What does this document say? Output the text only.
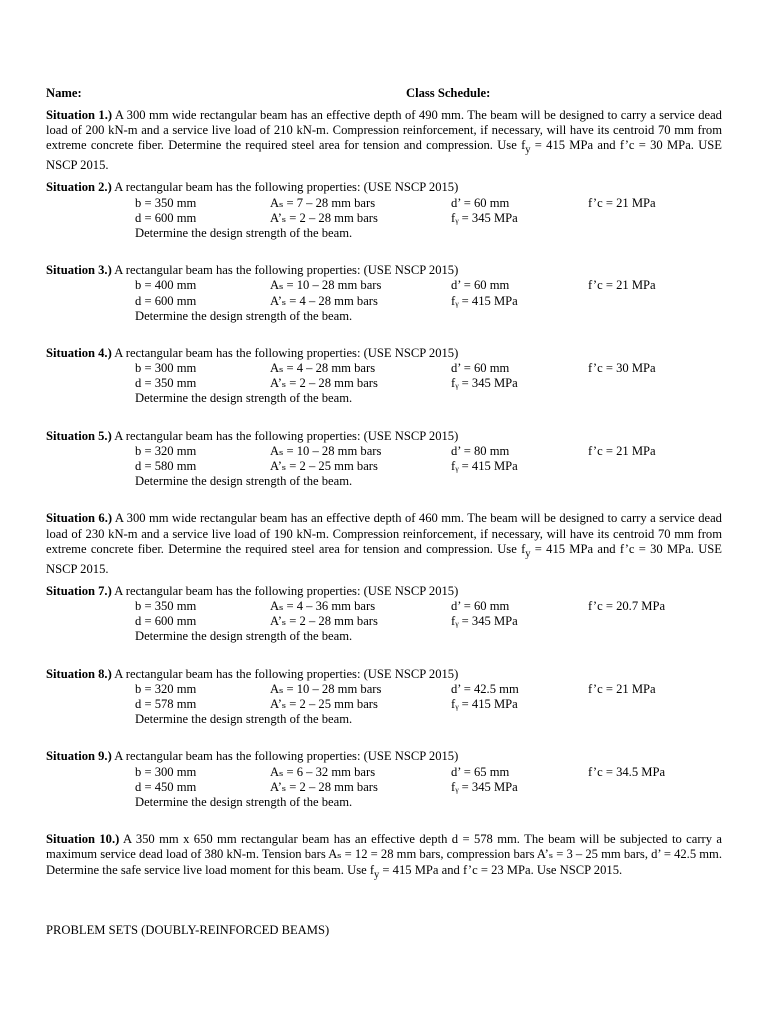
Name:	Class Schedule:

Situation 1.) A 300 mm wide rectangular beam has an effective depth of 490 mm. The beam will be designed to carry a service dead load of 200 kN-m and a service live load of 210 kN-m. Compression reinforcement, if necessary, will have its centroid 70 mm from extreme concrete fiber. Determine the required steel area for tension and compression. Use $f_y = 415$ MPa and f’c = 30 MPa. USE NSCP 2015.

Situation 2.) A rectangular beam has the following properties: (USE NSCP 2015)
b = 350 mm	Aₛ = 7 – 28 mm bars	d’ = 60 mm	f’c = 21 MPa
d = 600 mm	A’ₛ = 2 – 28 mm bars	fᵧ = 345 MPa
Determine the design strength of the beam.
Situation 3.) A rectangular beam has the following properties: (USE NSCP 2015)
b = 400 mm	Aₛ = 10 – 28 mm bars	d’ = 60 mm	f’c = 21 MPa
d = 600 mm	A’ₛ = 4 – 28 mm bars	fᵧ = 415 MPa
Determine the design strength of the beam.
Situation 4.) A rectangular beam has the following properties: (USE NSCP 2015)
b = 300 mm	Aₛ = 4 – 28 mm bars	d’ = 60 mm	f’c = 30 MPa
d = 350 mm	A’ₛ = 2 – 28 mm bars	fᵧ = 345 MPa
Determine the design strength of the beam.
Situation 5.) A rectangular beam has the following properties: (USE NSCP 2015)
b = 320 mm	Aₛ = 10 – 28 mm bars	d’ = 80 mm	f’c = 21 MPa
d = 580 mm	A’ₛ = 2 – 25 mm bars	fᵧ = 415 MPa
Determine the design strength of the beam.

Situation 6.) A 300 mm wide rectangular beam has an effective depth of 460 mm. The beam will be designed to carry a service dead load of 230 kN-m and a service live load of 190 kN-m. Compression reinforcement, if necessary, will have its centroid 70 mm from extreme concrete fiber. Determine the required steel area for tension and compression. Use $f_y = 415$ MPa and f’c = 30 MPa. USE NSCP 2015.

Situation 7.) A rectangular beam has the following properties: (USE NSCP 2015)
b = 350 mm	Aₛ = 4 – 36 mm bars	d’ = 60 mm	f’c = 20.7 MPa
d = 600 mm	A’ₛ = 2 – 28 mm bars	fᵧ = 345 MPa
Determine the design strength of the beam.
Situation 8.) A rectangular beam has the following properties: (USE NSCP 2015)
b = 320 mm	Aₛ = 10 – 28 mm bars	d’ = 42.5 mm	f’c = 21 MPa
d = 578 mm	A’ₛ = 2 – 25 mm bars	fᵧ = 415 MPa
Determine the design strength of the beam.
Situation 9.) A rectangular beam has the following properties: (USE NSCP 2015)
b = 300 mm	Aₛ = 6 – 32 mm bars	d’ = 65 mm	f’c = 34.5 MPa
d = 450 mm	A’ₛ = 2 – 28 mm bars	fᵧ = 345 MPa
Determine the design strength of the beam.

Situation 10.) A 350 mm x 650 mm rectangular beam has an effective depth d = 578 mm. The beam will be subjected to carry a maximum service dead load of 380 kN-m. Tension bars Aₛ = 12 = 28 mm bars, compression bars A’ₛ = 3 – 25 mm bars, d’ = 42.5 mm. Determine the safe service live load moment for this beam. Use $f_y = 415$ MPa and f’c = 23 MPa. Use NSCP 2015.

PROBLEM SETS (DOUBLY-REINFORCED BEAMS)
